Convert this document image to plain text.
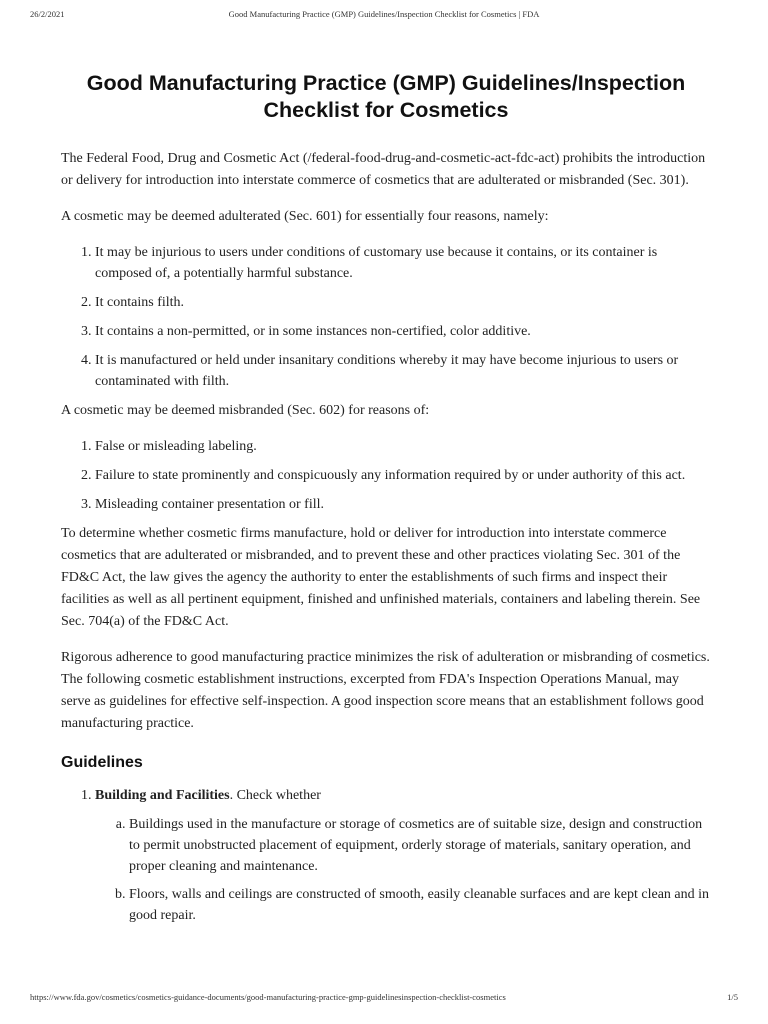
26/2/2021	Good Manufacturing Practice (GMP) Guidelines/Inspection Checklist for Cosmetics | FDA
Good Manufacturing Practice (GMP) Guidelines/Inspection Checklist for Cosmetics

The Federal Food, Drug and Cosmetic Act (/federal-food-drug-and-cosmetic-act-fdc-act) prohibits the introduction or delivery for introduction into interstate commerce of cosmetics that are adulterated or misbranded (Sec. 301).

A cosmetic may be deemed adulterated (Sec. 601) for essentially four reasons, namely:

1. It may be injurious to users under conditions of customary use because it contains, or its container is composed of, a potentially harmful substance.
2. It contains filth.
3. It contains a non-permitted, or in some instances non-certified, color additive.
4. It is manufactured or held under insanitary conditions whereby it may have become injurious to users or contaminated with filth.

A cosmetic may be deemed misbranded (Sec. 602) for reasons of:

1. False or misleading labeling.
2. Failure to state prominently and conspicuously any information required by or under authority of this act.
3. Misleading container presentation or fill.

To determine whether cosmetic firms manufacture, hold or deliver for introduction into interstate commerce cosmetics that are adulterated or misbranded, and to prevent these and other practices violating Sec. 301 of the FD&C Act, the law gives the agency the authority to enter the establishments of such firms and inspect their facilities as well as all pertinent equipment, finished and unfinished materials, containers and labeling therein. See Sec. 704(a) of the FD&C Act.

Rigorous adherence to good manufacturing practice minimizes the risk of adulteration or misbranding of cosmetics. The following cosmetic establishment instructions, excerpted from FDA's Inspection Operations Manual, may serve as guidelines for effective self-inspection. A good inspection score means that an establishment follows good manufacturing practice.

Guidelines
1. Building and Facilities. Check whether
a. Buildings used in the manufacture or storage of cosmetics are of suitable size, design and construction to permit unobstructed placement of equipment, orderly storage of materials, sanitary operation, and proper cleaning and maintenance.
b. Floors, walls and ceilings are constructed of smooth, easily cleanable surfaces and are kept clean and in good repair.
https://www.fda.gov/cosmetics/cosmetics-guidance-documents/good-manufacturing-practice-gmp-guidelinesinspection-checklist-cosmetics	1/5
